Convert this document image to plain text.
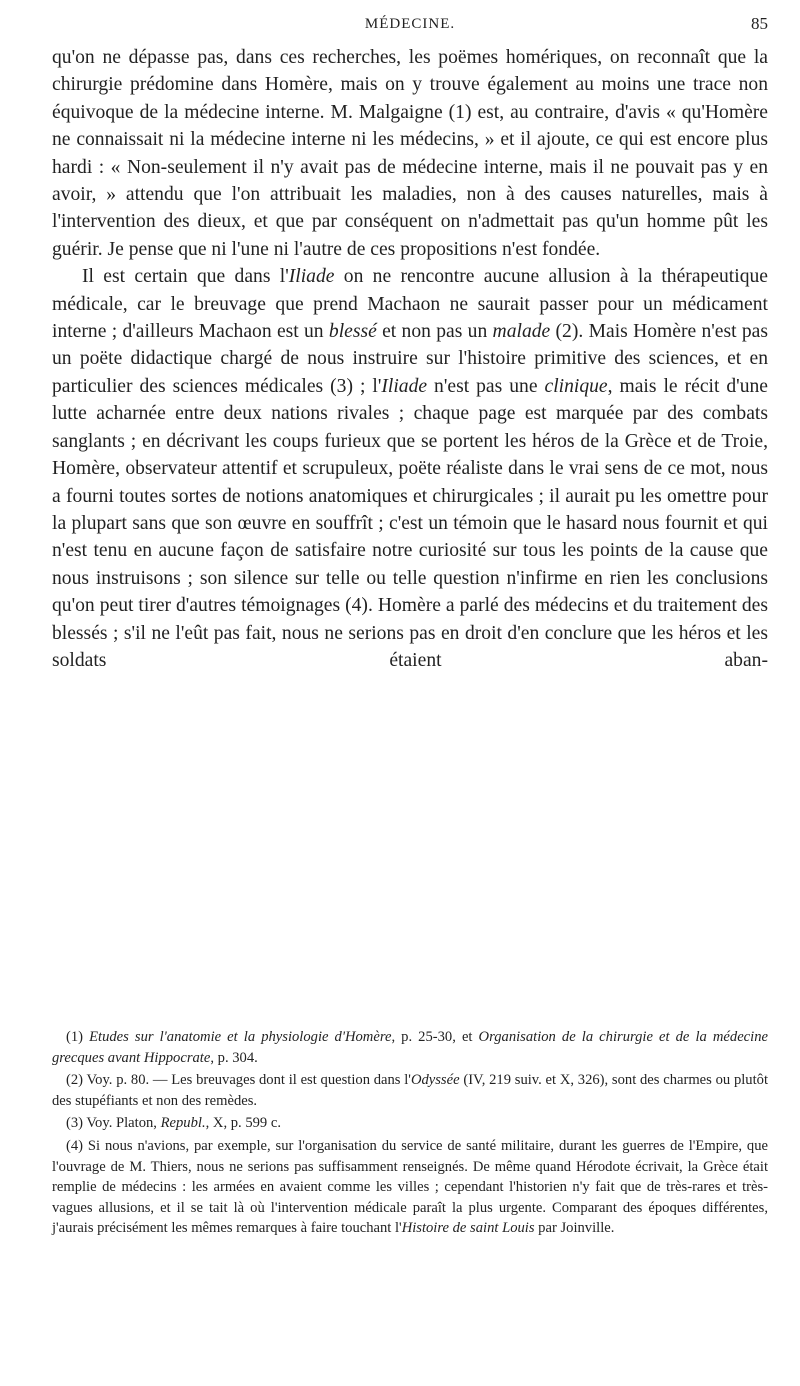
MÉDECINE.	85

qu'on ne dépasse pas, dans ces recherches, les poëmes homériques, on reconnaît que la chirurgie prédomine dans Homère, mais on y trouve également au moins une trace non équivoque de la médecine interne. M. Malgaigne (1) est, au contraire, d'avis « qu'Homère ne connaissait ni la médecine interne ni les médecins, » et il ajoute, ce qui est encore plus hardi : « Non-seulement il n'y avait pas de médecine interne, mais il ne pouvait pas y en avoir, » attendu que l'on attribuait les maladies, non à des causes naturelles, mais à l'intervention des dieux, et que par conséquent on n'admettait pas qu'un homme pût les guérir. Je pense que ni l'une ni l'autre de ces propositions n'est fondée.

Il est certain que dans l'Iliade on ne rencontre aucune allusion à la thérapeutique médicale, car le breuvage que prend Machaon ne saurait passer pour un médicament interne ; d'ailleurs Machaon est un blessé et non pas un malade (2). Mais Homère n'est pas un poëte didactique chargé de nous instruire sur l'histoire primitive des sciences, et en particulier des sciences médicales (3) ; l'Iliade n'est pas une clinique, mais le récit d'une lutte acharnée entre deux nations rivales ; chaque page est marquée par des combats sanglants ; en décrivant les coups furieux que se portent les héros de la Grèce et de Troie, Homère, observateur attentif et scrupuleux, poëte réaliste dans le vrai sens de ce mot, nous a fourni toutes sortes de notions anatomiques et chirurgicales ; il aurait pu les omettre pour la plupart sans que son œuvre en souffrît ; c'est un témoin que le hasard nous fournit et qui n'est tenu en aucune façon de satisfaire notre curiosité sur tous les points de la cause que nous instruisons ; son silence sur telle ou telle question n'infirme en rien les conclusions qu'on peut tirer d'autres témoignages (4). Homère a parlé des médecins et du traitement des blessés ; s'il ne l'eût pas fait, nous ne serions pas en droit d'en conclure que les héros et les soldats étaient aban-

(1) Etudes sur l'anatomie et la physiologie d'Homère, p. 25-30, et Organisation de la chirurgie et de la médecine grecques avant Hippocrate, p. 304.

(2) Voy. p. 80. — Les breuvages dont il est question dans l'Odyssée (IV, 219 suiv. et X, 326), sont des charmes ou plutôt des stupéfiants et non des remèdes.

(3) Voy. Platon, Republ., X, p. 599 c.

(4) Si nous n'avions, par exemple, sur l'organisation du service de santé militaire, durant les guerres de l'Empire, que l'ouvrage de M. Thiers, nous ne serions pas suffisamment renseignés. De même quand Hérodote écrivait, la Grèce était remplie de médecins : les armées en avaient comme les villes ; cependant l'historien n'y fait que de très-rares et très-vagues allusions, et il se tait là où l'intervention médicale paraît la plus urgente. Comparant des époques différentes, j'aurais précisément les mêmes remarques à faire touchant l'Histoire de saint Louis par Joinville.
